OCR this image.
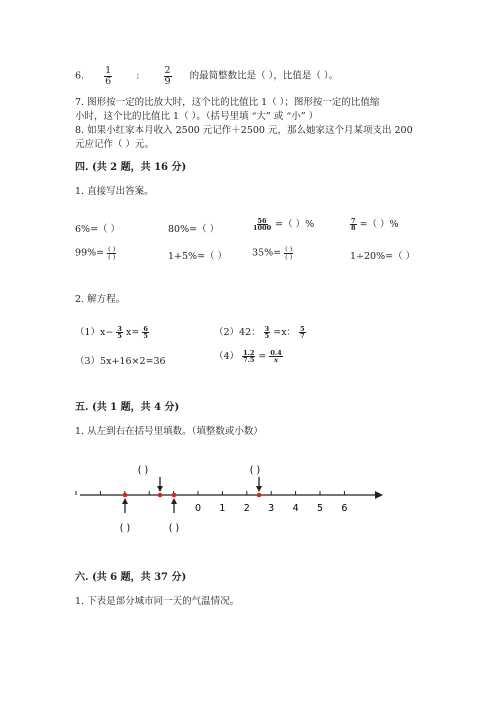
6. $\frac{1}{6}$	:	$\frac{2}{9}$ 的最简整数比是（ ），比值是（ ）。
7. 图形按一定的比放大时，这个比的比值比 1（ ）；图形按一定的比值缩
小时，这个比的比值比 1（ ）。（括号里填 “大” 或 “小” ）
8. 如果小红家本月收入 2500 元记作＋2500 元，那么她家这个月某项支出 200
元应记作（ ）元。
四. (共 2 题，共 16 分)
1. 直接写出答案。
6%=（ ）	80%=（ ）	$\frac{56}{1000}$ =（ ）%	$\frac{7}{8}$ =（ ）%
$99\%= \frac{( )}{( )}$	1+5%=（ ）	$35\%= \frac{( )}{( )}$	1÷20%=（ ）
2. 解方程。
$(1)x- \frac{3}{5} x= \frac{6}{5}$	（2）42： $\frac{3}{5} =x$： $\frac{5}{7}$
（3）5x+16×2=36	$(4) \frac{1.2}{7.5} = \frac{0.4}{x}$
五. (共 1 题，共 4 分)
1. 从左到右在括号里填数。（填整数或小数）
0 1 2 3 4 5 6
( )	( )
( )	( )
六. (共 6 题，共 37 分)
1. 下表是部分城市同一天的气温情况。
